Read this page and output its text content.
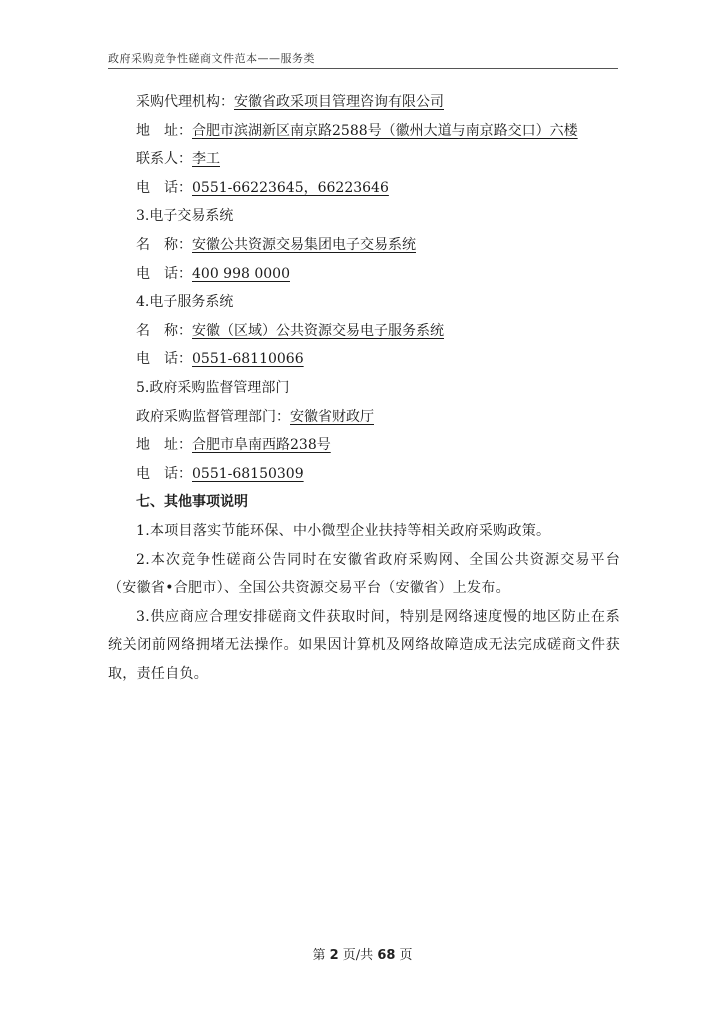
政府采购竞争性磋商文件范本——服务类
采购代理机构：安徽省政采项目管理咨询有限公司
地　址：合肥市滨湖新区南京路2588号（徽州大道与南京路交口）六楼
联系人：李工
电　话：0551-66223645，66223646
3.电子交易系统
名　称：安徽公共资源交易集团电子交易系统
电　话：400 998 0000
4.电子服务系统
名　称：安徽（区域）公共资源交易电子服务系统
电　话：0551-68110066
5.政府采购监督管理部门
政府采购监督管理部门：安徽省财政厅
地　址：合肥市阜南西路238号
电　话：0551-68150309
七、其他事项说明
1.本项目落实节能环保、中小微型企业扶持等相关政府采购政策。
2.本次竞争性磋商公告同时在安徽省政府采购网、全国公共资源交易平台（安徽省•合肥市）、全国公共资源交易平台（安徽省）上发布。
3.供应商应合理安排磋商文件获取时间，特别是网络速度慢的地区防止在系统关闭前网络拥堵无法操作。如果因计算机及网络故障造成无法完成磋商文件获取，责任自负。
第 2 页/共 68 页
